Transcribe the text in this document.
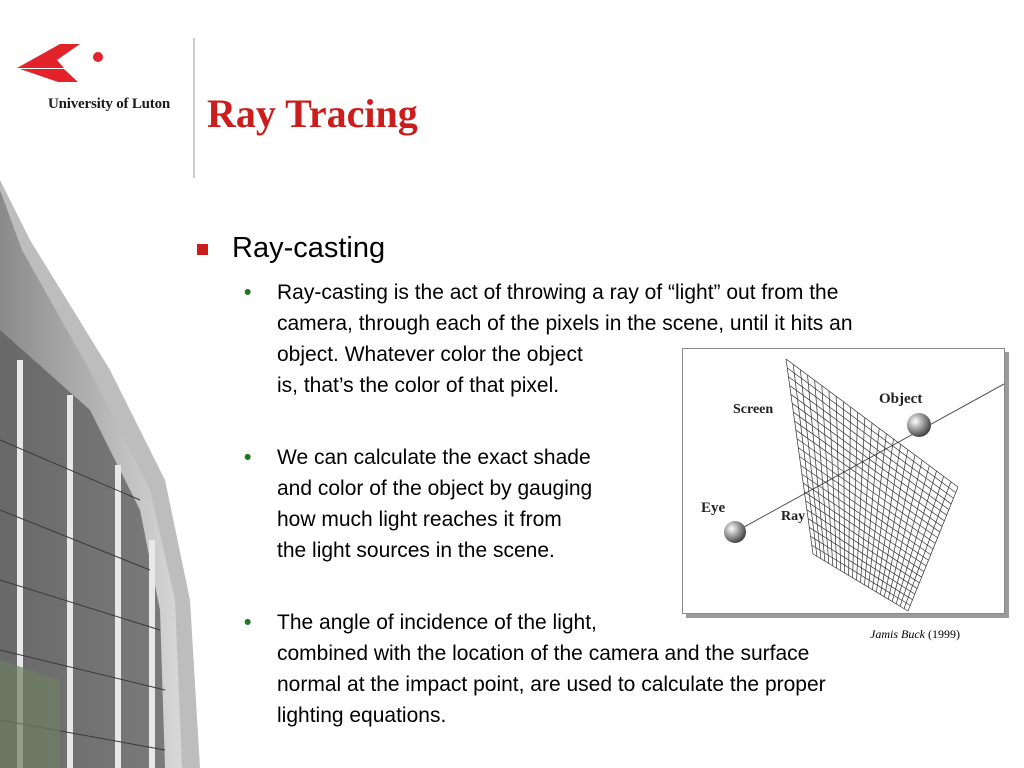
University of Luton Ray Tracing
Ray-casting
• Ray-casting is the act of throwing a ray of “light” out from the
camera, through each of the pixels in the scene, until it hits an
object. Whatever color the object
is, that’s the color of that pixel.
• We can calculate the exact shade
and color of the object by gauging
how much light reaches it from
the light sources in the scene.
• The angle of incidence of the light,
combined with the location of the camera and the surface
normal at the impact point, are used to calculate the proper
lighting equations.
Screen
Object
Eye
Ray
Jamis Buck (1999)
